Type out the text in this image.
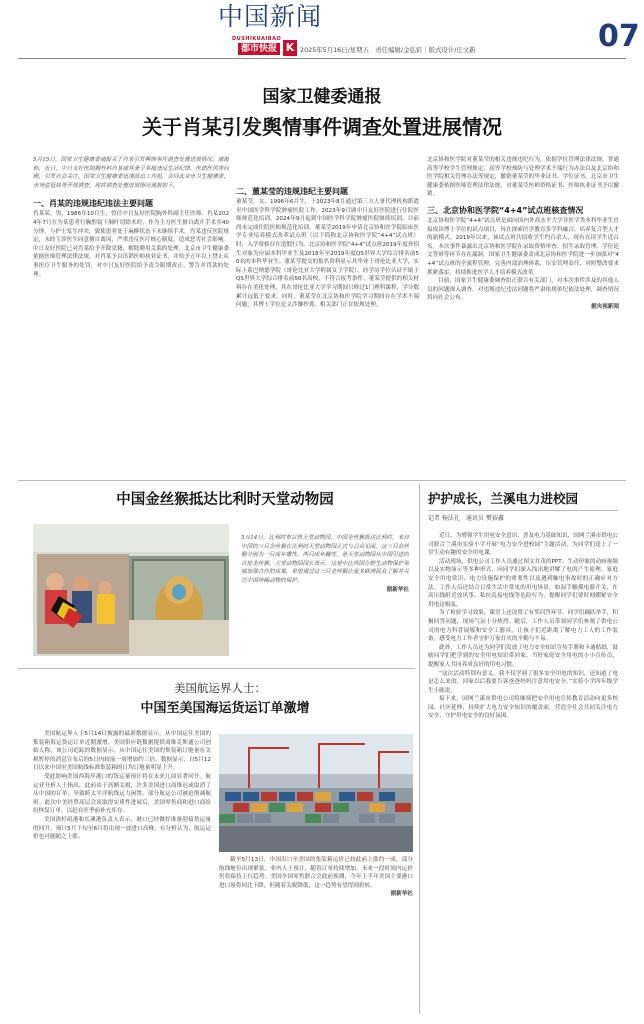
中国新闻
DUSHIKUAIBAO
都市快报 K 2025年5月16日/星期五　责任编辑/金弘彩｜版式设计/庄文新	07
国家卫健委通报
关于肖某引发舆情事件调查处置进展情况

5月15日，国家卫生健康委通报关于肖某引发舆情事件调查处置进展情况。通报称，近日，中日友好医院胸外科肖某被其妻子举报违反生活纪律、医德医风等问题，引发社会关注。国家卫生健康委迅速派出工作组，会同北京市卫生健康委、市场监管局等开展调查。现将调查处置进展情况通报如下。

一、肖某的违规违纪违法主要问题

肖某某，男，1986年10月生，曾任中日友好医院胸外科副主任医师。肖某2024年7月在为某患者行胸腔镜下肺叶切除术时，作为主刀医生擅自离开手术室40分钟，与护士发生冲突，致使患者处于麻醉状态下未继续手术。肖某违反医院规定，未经主诊医生同意擅自离岗，严重违反医疗核心制度，造成恶劣社会影响。中日友好医院已对肖某给予开除党籍、解除聘用关系的处理。北京市卫生健康委依据医师管理法律法规，对肖某予以吊销医师执业证书，并给予五年以上禁止从事医疗卫生服务的处罚，对中日友好医院给予责令限期改正、警告并罚款的处理。

二、董某莹的违规违纪主要问题

董某莹，女，1996年6月生，于2023年8月通过第三方人事代理机构派遣至中国医学科学院肿瘤医院工作，2023年9月调中日友好医院进行住院医师规范化培训，2024年9月起到中国医学科学院肿瘤医院继续培训，目前尚未完成住院医师规范化培训。董某莹2019年申请北京协和医学院临床医学专业培养模式改革试点班（以下简称北京协和医学院“4+4”试点班）时，入学资格存在造假行为。北京协和医学院“4+4”试点班2019年度外招生对象为应届本科毕业生及2018年至2019年度QS世界大学综合排名前50名的本科毕业生。董某莹提交的报名资料显示其毕业于哥伦比亚大学，实际上系巴纳德学院（哥伦比亚大学附属女子学院），经学历学位认证不属于QS世界大学综合排名前50名高校，不符合报考条件。董某莹提供的相关材料存在美化处理，其在哥伦比亚大学学习期间只修过1门理科课程，学分数累计远低于要求。同时，董某莹在北京协和医学院学习期间存在学术不端问题，其博士学位论文涉嫌抄袭，相关部门正在依规处理。

北京协和医学院对董某莹的相关违规违纪行为，依据学位管理法律法规、普通高等学校学生管理规定、高等学校预防与处理学术不端行为办法以及北京协和医学院相关管理办法等规定，撤销董某莹的毕业证书、学位证书。北京市卫生健康委依据医师管理法律法规，对董某莹医师资格证书、医师执业证书予以撤销。

三、北京协和医学院“4+4”试点班核查情况

北京协和医学院“4+4”试点班是面向国内外高水平大学非医学类本科毕业生直接攻读博士学位的试点项目，旨在探索医学教育多学科融合、培养复合型人才的新模式。2019年以来，该试点班共招收学生约百余人，现有在读学生近百名。本次事件暴露出北京协和医学院在录取资格审查、招生录取管理、学位论文答辩等环节存在漏洞。国家卫生健康委责成北京协和医学院进一步加强对“4+4”试点班的全流程管理，完善内部治理体系，压实管理责任，对照整改要求抓紧落实，持续推进医学人才培养模式改革。

目前，国家卫生健康委调查组正联合有关部门，对本次事件涉及的其他人员的问题深入调查，对违规违纪违法问题将严肃依规依纪依法处理，调查情况将向社会公布。

据央视新闻

中国金丝猴抵达比利时天堂动物园

5月14日，比利时布吕热天堂动物园，中国金丝猴抵达比利时，来自中国的三只金丝猴在比利时天堂动物园正式与公众见面。这三只金丝猴分别为一只成年雄性、两只成年雌性，是天堂动物园从中国引进的首批金丝猴。天堂动物园园长表示，这是中比两国在野生动物保护领域加强合作的成果，希望通过这三只金丝猴让更多欧洲民众了解并关注中国珍稀动物的保护。

据新华社

美国航运界人士：
中国至美国海运货运订单激增

美国航运界人士5月14日披露的最新数据显示，从中国运往美国的集装箱海运货运订单近期激增。美国供应链数据提供商维克斯通公司创始人称，该公司追踪的数据显示，从中国运往美国的集装箱订舱量在关税暂停的消息宣布后的5日内较前一周增加约三倍。数据显示，自5月12日以来中国至美国航线标准集装箱的日均订舱量明显上升。

受此影响美国西海岸港口的货运量预计将在未来几周显著回升。航运业分析人士指出，此前由于高额关税，许多美国进口商推迟或取消了从中国的订单，导致跨太平洋航线运力闲置，部分航运公司被迫削减航班。此次中美经贸高层会谈取得实质性进展后，美国零售商和进口商纷纷恢复订单，以赶在旺季前补充库存。

美国洛杉矶港和长滩港负责人表示，港口已经做好准备迎接货运量的回升，预计5月下旬至6月将出现一波进口高峰。有分析认为，航运运价也可能随之上涨。

截至5月13日，中国出口至美国的集装箱运价已较此前上涨约一成，部分航线舱位出现紧张。业内人士预计，随着订单持续增加，未来一段时间内运价仍将保持上行趋势。美国全国零售联合会此前预测，今年上半年美国主要港口进口量将同比下降，但随着关税降低，这一趋势有望得到扭转。

据新华社

护护成长，兰溪电力进校园
记者 杨法礼　通讯员 樊裕鑫

近日，为增强学生用电安全意识，普及电力基础知识，国网兰溪市供电公司联合兰溪市实验小学开展“电力安全进校园”主题活动，为同学们送上了一堂生动有趣的安全用电课。

活动现场，供电公司工作人员通过图文并茂的PPT、生动形象的动画视频以及实物演示等多种形式，向同学们深入浅出地讲解了电的产生原理、家庭安全用电常识、电力设施保护的重要性以及遇到触电事故时的正确应对方法。工作人员还结合日常生活中常见的用电场景，如湿手触摸电器开关、在高压线附近放风筝、私拉乱接电线等危险行为，提醒同学们要时刻绷紧安全用电这根弦。

为了检验学习效果，课堂上还设置了有奖问答环节。同学们踊跃举手，积极回答问题，现场气氛十分热烈。随后，工作人员带领同学们参观了供电公司的电力科普展板和安全工器具，让孩子们近距离了解电力工人的工作装备，感受电力工作者守护万家灯火的辛勤与不易。

此外，工作人员还为同学们发放了电力安全知识宣传手册和卡通贴纸，鼓励同学们把学到的安全用电知识带回家，当好家庭安全用电的小小宣传员，提醒家人共同养成良好的用电习惯。

“这次活动特别有意义，我不仅学到了很多安全用电的知识，还知道了电是怎么来的，回家以后我要告诉爸爸妈妈注意用电安全。”实验小学四年级学生小陈说。

接下来，国网兰溪市供电公司将继续把安全用电宣传教育活动向更多校园、社区延伸，持续扩大电力安全知识的覆盖面，营造全社会共同关注电力安全、守护用电安全的良好氛围。
